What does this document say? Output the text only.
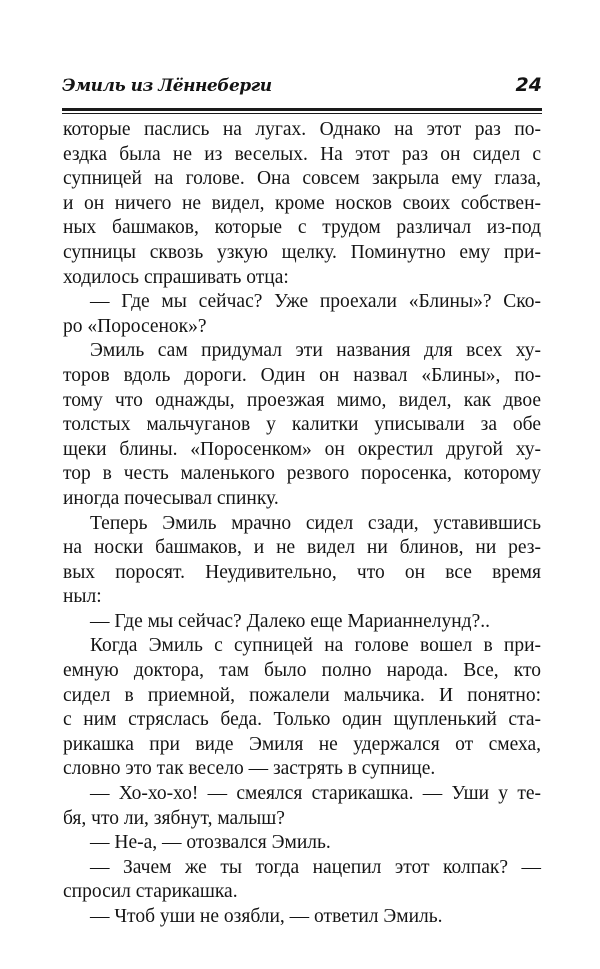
Эмиль из Лённеберги	24
которые паслись на лугах. Однако на этот раз по-
ездка была не из веселых. На этот раз он сидел с
супницей на голове. Она совсем закрыла ему глаза,
и он ничего не видел, кроме носков своих собствен-
ных башмаков, которые с трудом различал из-под
супницы сквозь узкую щелку. Поминутно ему при-
ходилось спрашивать отца:
— Где мы сейчас? Уже проехали «Блины»? Ско-
ро «Поросенок»?
Эмиль сам придумал эти названия для всех ху-
торов вдоль дороги. Один он назвал «Блины», по-
тому что однажды, проезжая мимо, видел, как двое
толстых мальчуганов у калитки уписывали за обе
щеки блины. «Поросенком» он окрестил другой ху-
тор в честь маленького резвого поросенка, которому
иногда почесывал спинку.
Теперь Эмиль мрачно сидел сзади, уставившись
на носки башмаков, и не видел ни блинов, ни рез-
вых поросят. Неудивительно, что он все время
ныл:
— Где мы сейчас? Далеко еще Марианнелунд?..
Когда Эмиль с супницей на голове вошел в при-
емную доктора, там было полно народа. Все, кто
сидел в приемной, пожалели мальчика. И понятно:
с ним стряслась беда. Только один щупленький ста-
рикашка при виде Эмиля не удержался от смеха,
словно это так весело — застрять в супнице.
— Хо-хо-хо! — смеялся старикашка. — Уши у те-
бя, что ли, зябнут, малыш?
— Не-а, — отозвался Эмиль.
— Зачем же ты тогда нацепил этот колпак? —
спросил старикашка.
— Чтоб уши не озябли, — ответил Эмиль.
